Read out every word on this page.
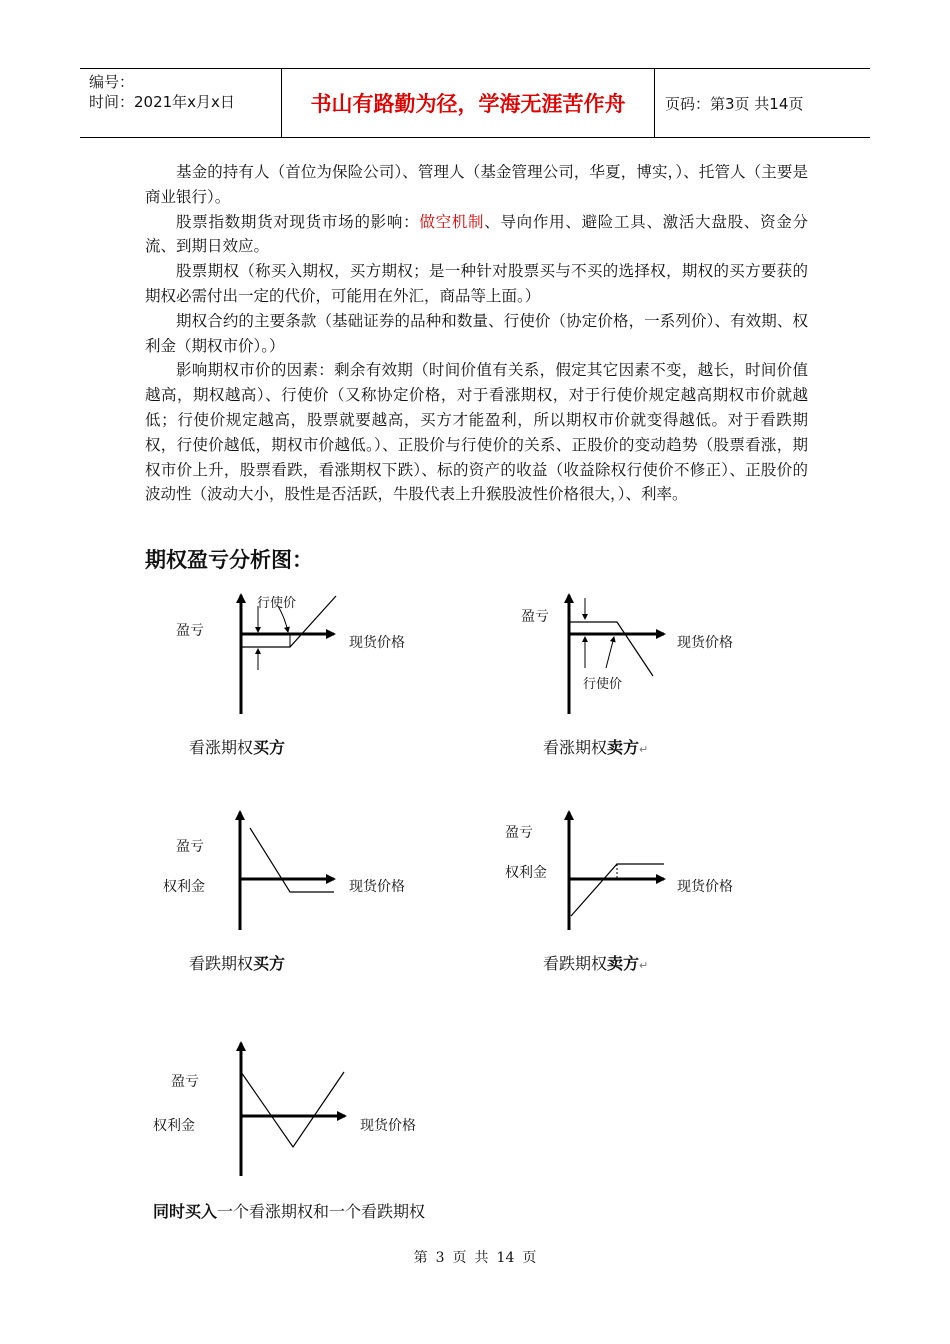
编号：
时间：2021年x月x日	书山有路勤为径，学海无涯苦作舟	页码：第3页 共14页

基金的持有人（首位为保险公司）、管理人（基金管理公司，华夏，博实，）、托管人（主要是商业银行）。

股票指数期货对现货市场的影响：做空机制、导向作用、避险工具、激活大盘股、资金分流、到期日效应。

股票期权（称买入期权，买方期权；是一种针对股票买与不买的选择权，期权的买方要获的期权必需付出一定的代价，可能用在外汇，商品等上面。）

期权合约的主要条款（基础证券的品种和数量、行使价（协定价格，一系列价）、有效期、权利金（期权市价）。）

影响期权市价的因素：剩余有效期（时间价值有关系，假定其它因素不变，越长，时间价值越高，期权越高）、行使价（又称协定价格，对于看涨期权，对于行使价规定越高期权市价就越低；行使价规定越高，股票就要越高，买方才能盈利，所以期权市价就变得越低。对于看跌期权，行使价越低，期权市价越低。）、正股价与行使价的关系、正股价的变动趋势（股票看涨，期权市价上升，股票看跌，看涨期权下跌）、标的资产的收益（收益除权行使价不修正）、正股价的波动性（波动大小，股性是否活跃，牛股代表上升猴股波性价格很大，）、利率。

期权盈亏分析图：
盈亏
行使价
现货价格
看涨期权买方
盈亏
行使价
现货价格
看涨期权卖方↵
盈亏
权利金	现货价格
看跌期权买方
盈亏
权利金
现货价格
看跌期权卖方↵
盈亏
权利金	现货价格
同时买入一个看涨期权和一个看跌期权
第 3 页 共 14 页
